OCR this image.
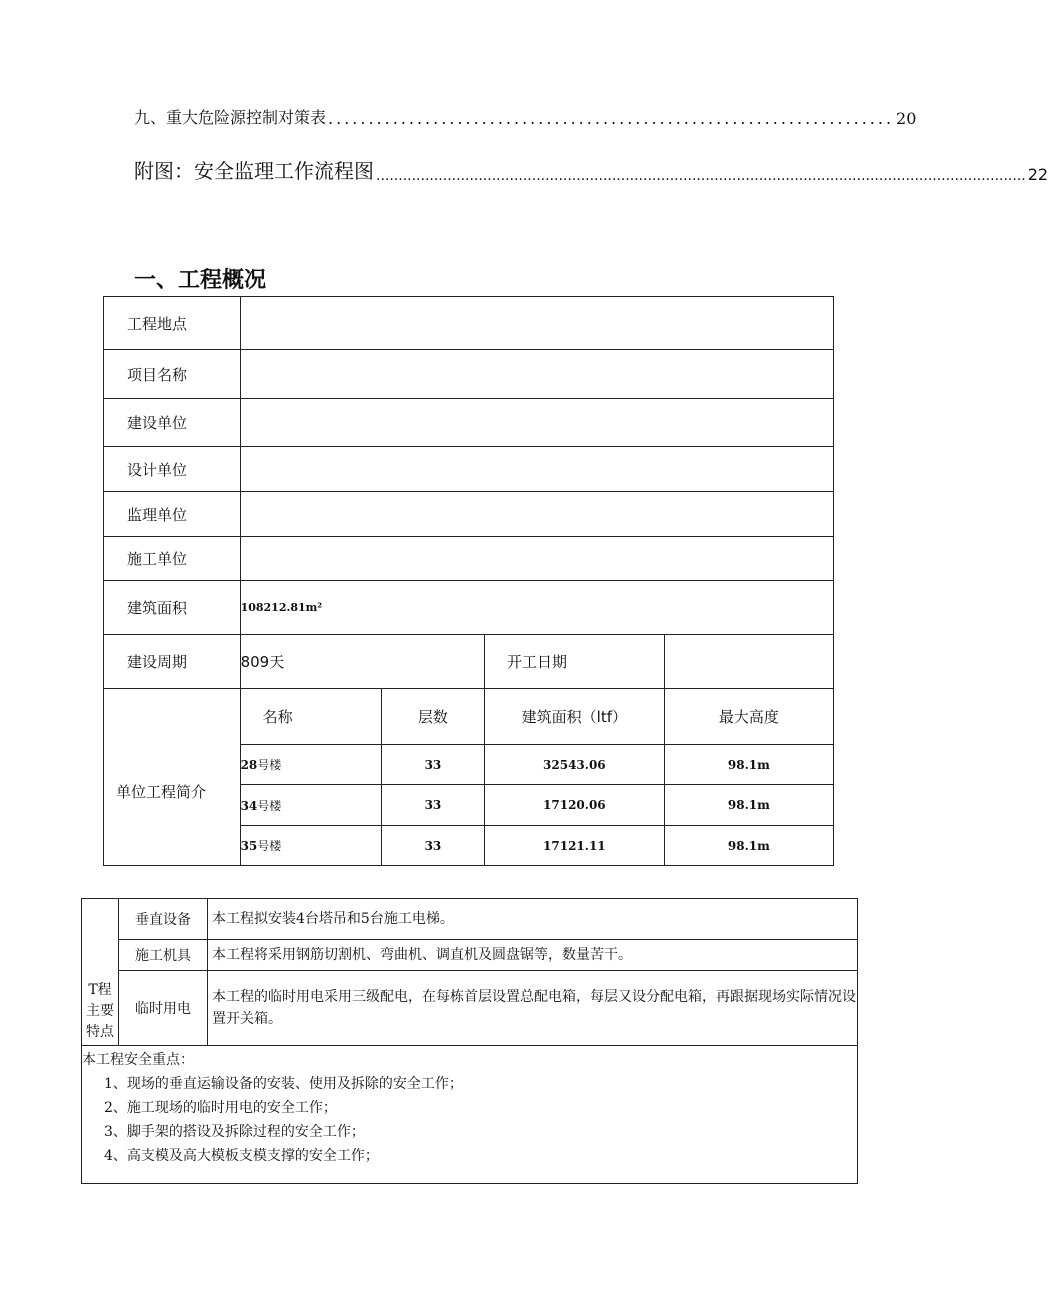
九、重大危险源控制对策表 ...................................................................... 20
附图：安全监理工作流程图 .................................................................................................................................................. 22
一、工程概况
工程地点				
项目名称				
建设单位				
设计单位				
监理单位				
施工单位				
建筑面积	108212.81m²			
建设周期	809天		开工日期	
单位工程简介	名称	层数	建筑面积（ltf）	最大高度
	28号楼	33	32543.06	98.1m
	34号楼	33	17120.06	98.1m
	35号楼	33	17121.11	98.1m
T程
主要
特点	垂直设备	本工程拟安装4台塔吊和5台施工电梯。
	施工机具	本工程将采用钢筋切割机、弯曲机、调直机及圆盘锯等，数量苦干。
	临时用电	本工程的临时用电采用三级配电，在每栋首层设置总配电箱，每层又设分配电箱，再跟据现场实际情况设置开关箱。

本工程安全重点：
1、现场的垂直运输设备的安装、使用及拆除的安全工作；
2、施工现场的临时用电的安全工作；
3、脚手架的搭设及拆除过程的安全工作；
4、高支模及高大模板支模支撑的安全工作；		
